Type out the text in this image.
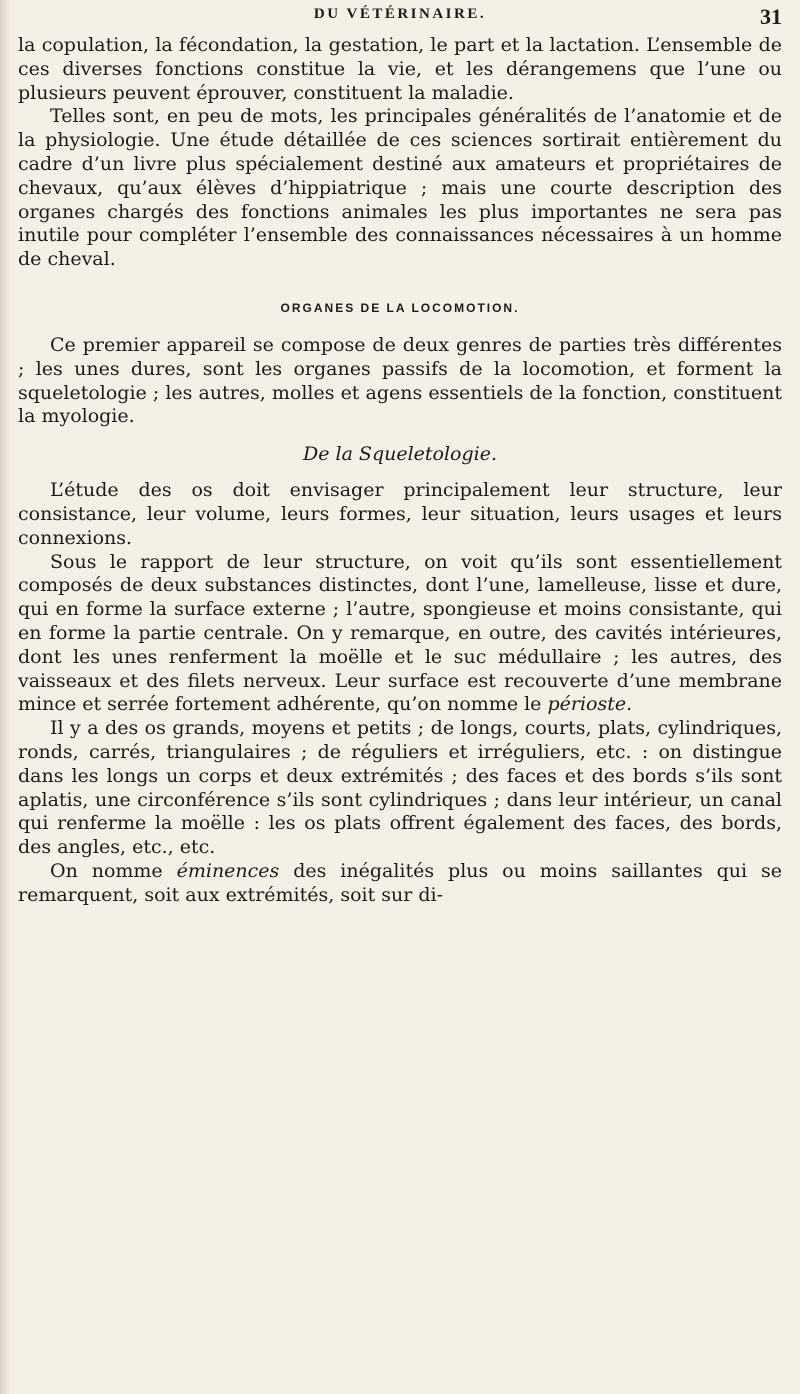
DU VÉTÉRINAIRE.	31

la copulation, la fécondation, la gestation, le part et la lactation. L’ensemble de ces diverses fonctions constitue la vie, et les dérangemens que l’une ou plusieurs peuvent éprouver, constituent la maladie.

Telles sont, en peu de mots, les principales généralités de l’anatomie et de la physiologie. Une étude détaillée de ces sciences sortirait entièrement du cadre d’un livre plus spécialement destiné aux amateurs et propriétaires de chevaux, qu’aux élèves d’hippiatrique ; mais une courte description des organes chargés des fonctions animales les plus importantes ne sera pas inutile pour compléter l’ensemble des connaissances nécessaires à un homme de cheval.

ORGANES DE LA LOCOMOTION.

Ce premier appareil se compose de deux genres de parties très différentes ; les unes dures, sont les organes passifs de la locomotion, et forment la squeletologie ; les autres, molles et agens essentiels de la fonction, constituent la myologie.

De la Squeletologie.

L’étude des os doit envisager principalement leur structure, leur consistance, leur volume, leurs formes, leur situation, leurs usages et leurs connexions.

Sous le rapport de leur structure, on voit qu’ils sont essentiellement composés de deux substances distinctes, dont l’une, lamelleuse, lisse et dure, qui en forme la surface externe ; l’autre, spongieuse et moins consistante, qui en forme la partie centrale. On y remarque, en outre, des cavités intérieures, dont les unes renferment la moëlle et le suc médullaire ; les autres, des vaisseaux et des filets nerveux. Leur surface est recouverte d’une membrane mince et serrée fortement adhérente, qu’on nomme le périoste.

Il y a des os grands, moyens et petits ; de longs, courts, plats, cylindriques, ronds, carrés, triangulaires ; de réguliers et irréguliers, etc. : on distingue dans les longs un corps et deux extrémités ; des faces et des bords s’ils sont aplatis, une circonférence s’ils sont cylindriques ; dans leur intérieur, un canal qui renferme la moëlle : les os plats offrent également des faces, des bords, des angles, etc., etc.

On nomme éminences des inégalités plus ou moins saillantes qui se remarquent, soit aux extrémités, soit sur di-
